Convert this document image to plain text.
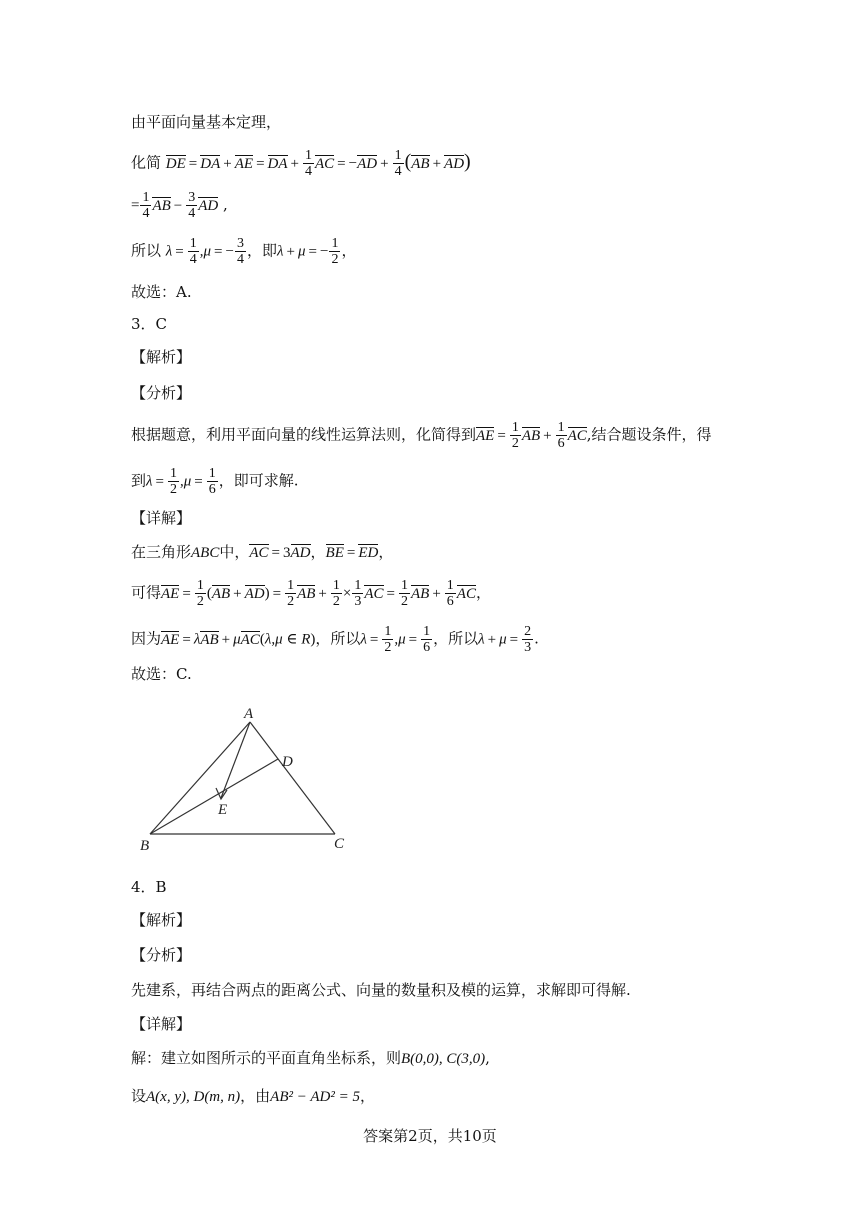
由平面向量基本定理，
化简 DE = DA + AE = DA + $\frac{1}{4}$ AC = $-AD + \frac{1}{4} (AB + AD)$
= $\frac{1}{4}$ AB − $\frac{3}{4}$ AD ,
所以 $\lambda = \frac{1}{4} ,\mu$ = − $\frac{3}{4}$ ，即λ + μ = − $\frac{1}{2}$ ，
故选：A.
3．C
【解析】
【分析】
根据题意，利用平面向量的线性运算法则，化简得到AE = $\frac{1}{2}$ AB + $\frac{1}{6}$ AC,结合题设条件，得
到$\lambda = \frac{1}{2} ,\mu = \frac{1}{6}$ ，即可求解.
【详解】
在三角形ABC中，AC = 3AD，BE = ED，
可得AE = $\frac{1}{2} (AB + AD) = \frac{1}{2}$ AB + $\frac{1}{2} \times \frac{1}{3}$ AC = $\frac{1}{2}$ AB + $\frac{1}{6}$ AC，
因为AE = λAB + μAC(λ,μ ∈ R)，所以$\lambda = \frac{1}{2} ,\mu = \frac{1}{6}$ ，所以$\lambda + \mu = \frac{2}{3}$ .
故选：C.
A
D
E
B	C
4．B
【解析】
【分析】
先建系，再结合两点的距离公式、向量的数量积及模的运算，求解即可得解.
【详解】
解：建立如图所示的平面直角坐标系，则B(0,0), C(3,0),
设A(x, y), D(m, n)，由AB² − AD² = 5，
答案第2页，共10页
